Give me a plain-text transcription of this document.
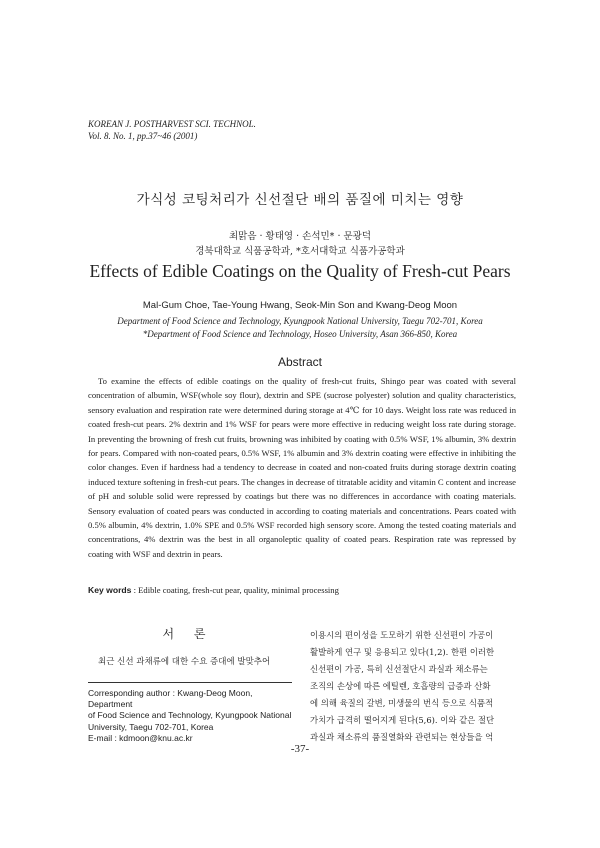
KOREAN J. POSTHARVEST SCI. TECHNOL.
Vol. 8. No. 1, pp.37~46 (2001)
가식성 코팅처리가 신선절단 배의 품질에 미치는 영향
최맑음 · 황태영 · 손석민* · 문광덕
경북대학교 식품공학과, *호서대학교 식품가공학과
Effects of Edible Coatings on the Quality of Fresh-cut Pears
Mal-Gum Choe, Tae-Young Hwang, Seok-Min Son and Kwang-Deog Moon
Department of Food Science and Technology, Kyungpook National University, Taegu 702-701, Korea
*Department of Food Science and Technology, Hoseo University, Asan 366-850, Korea
Abstract
To examine the effects of edible coatings on the quality of fresh-cut fruits, Shingo pear was coated with several concentration of albumin, WSF(whole soy flour), dextrin and SPE (sucrose polyester) solution and quality characteristics, sensory evaluation and respiration rate were determined during storage at 4℃ for 10 days. Weight loss rate was reduced in coated fresh-cut pears. 2% dextrin and 1% WSF for pears were more effective in reducing weight loss rate during storage. In preventing the browning of fresh cut fruits, browning was inhibited by coating with 0.5% WSF, 1% albumin, 3% dextrin for pears. Compared with non-coated pears, 0.5% WSF, 1% albumin and 3% dextrin coating were effective in inhibiting the color changes. Even if hardness had a tendency to decrease in coated and non-coated fruits during storage dextrin coating induced texture softening in fresh-cut pears. The changes in decrease of titratable acidity and vitamin C content and increase of pH and soluble solid were repressed by coatings but there was no differences in accordance with coating materials. Sensory evaluation of coated pears was conducted in according to coating materials and concentrations. Pears coated with 0.5% albumin, 4% dextrin, 1.0% SPE and 0.5% WSF recorded high sensory score. Among the tested coating materials and concentrations, 4% dextrin was the best in all organoleptic quality of coated pears. Respiration rate was repressed by coating with WSF and dextrin in pears.
Key words : Edible coating, fresh-cut pear, quality, minimal processing
서 론
최근 신선 과채류에 대한 수요 증대에 발맞추어
Corresponding author : Kwang-Deog Moon, Department
of Food Science and Technology, Kyungpook National
University, Taegu 702-701, Korea
E-mail : kdmoon@knu.ac.kr
이용시의 편이성을 도모하기 위한 신선편이 가공이
활발하게 연구 및 응용되고 있다(1,2). 한편 이러한
신선편이 가공, 특히 신선절단시 과실과 채소류는
조직의 손상에 따른 에틸렌, 호흡량의 급증과 산화
에 의해 육질의 갈변, 미생물의 번식 등으로 식품적
가치가 급격히 떨어지게 된다(5,6). 이와 같은 절단
과실과 채소류의 품질열화와 관련되는 현상들을 억
-37-
